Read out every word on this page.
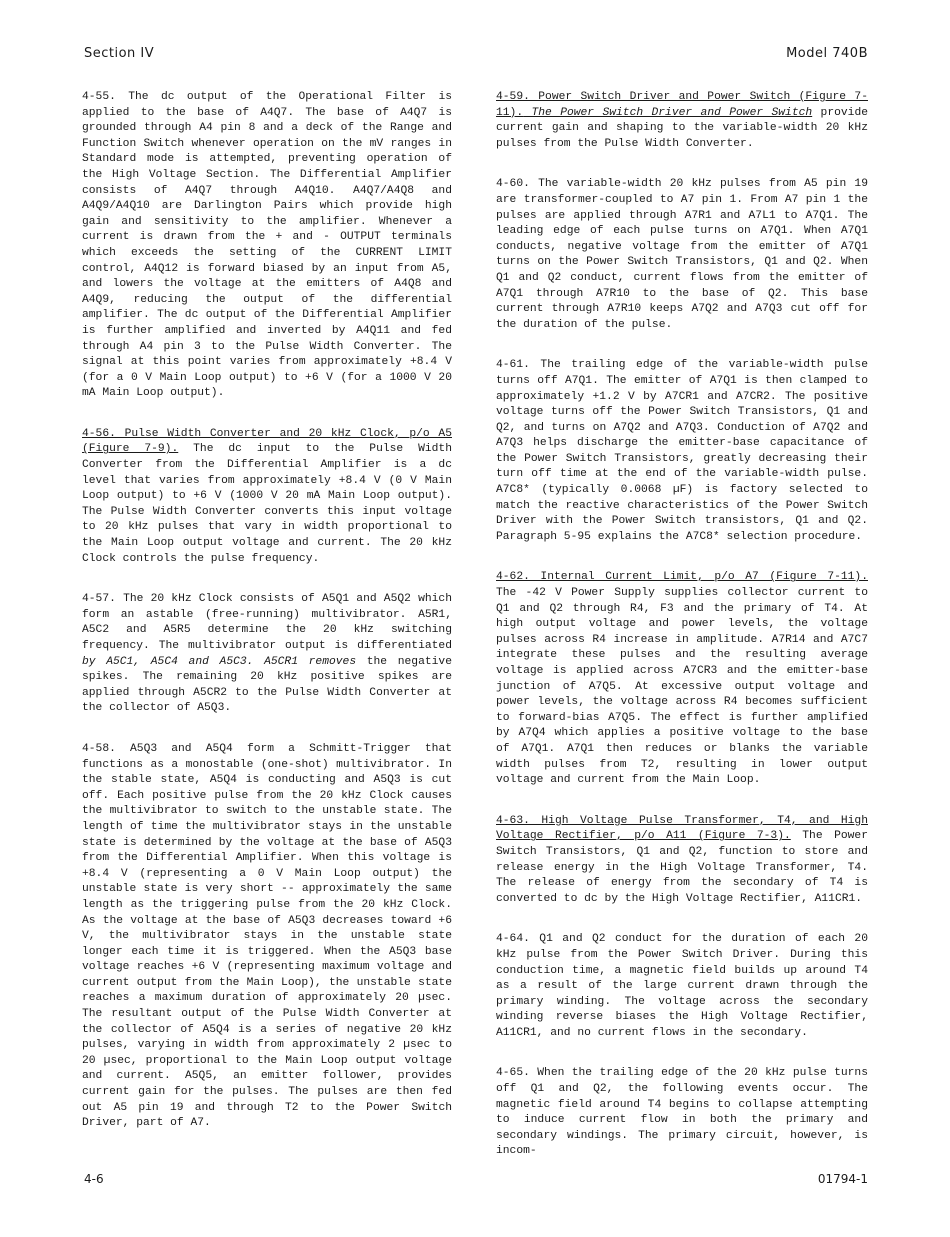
Section IV	Model 740B

4-55. The dc output of the Operational Filter is applied to the base of A4Q7. The base of A4Q7 is grounded through A4 pin 8 and a deck of the Range and Function Switch whenever operation on the mV ranges in Standard mode is attempted, preventing operation of the High Voltage Section. The Differential Amplifier consists of A4Q7 through A4Q10. A4Q7/A4Q8 and A4Q9/A4Q10 are Darlington Pairs which provide high gain and sensitivity to the amplifier. Whenever a current is drawn from the + and - OUTPUT terminals which exceeds the setting of the CURRENT LIMIT control, A4Q12 is forward biased by an input from A5, and lowers the voltage at the emitters of A4Q8 and A4Q9, reducing the output of the differential amplifier. The dc output of the Differential Amplifier is further amplified and inverted by A4Q11 and fed through A4 pin 3 to the Pulse Width Converter. The signal at this point varies from approximately +8.4 V (for a 0 V Main Loop output) to +6 V (for a 1000 V 20 mA Main Loop output).

4-56. Pulse Width Converter and 20 kHz Clock, p/o A5 (Figure 7-9). The dc input to the Pulse Width Converter from the Differential Amplifier is a dc level that varies from approximately +8.4 V (0 V Main Loop output) to +6 V (1000 V 20 mA Main Loop output). The Pulse Width Converter converts this input voltage to 20 kHz pulses that vary in width proportional to the Main Loop output voltage and current. The 20 kHz Clock controls the pulse frequency.

4-57. The 20 kHz Clock consists of A5Q1 and A5Q2 which form an astable (free-running) multivibrator. A5R1, A5C2 and A5R5 determine the 20 kHz switching frequency. The multivibrator output is differentiated by A5C1, A5C4 and A5C3. A5CR1 removes the negative spikes. The remaining 20 kHz positive spikes are applied through A5CR2 to the Pulse Width Converter at the collector of A5Q3.

4-58. A5Q3 and A5Q4 form a Schmitt-Trigger that functions as a monostable (one-shot) multivibrator. In the stable state, A5Q4 is conducting and A5Q3 is cut off. Each positive pulse from the 20 kHz Clock causes the multivibrator to switch to the unstable state. The length of time the multivibrator stays in the unstable state is determined by the voltage at the base of A5Q3 from the Differential Amplifier. When this voltage is +8.4 V (representing a 0 V Main Loop output) the unstable state is very short -- approximately the same length as the triggering pulse from the 20 kHz Clock. As the voltage at the base of A5Q3 decreases toward +6 V, the multivibrator stays in the unstable state longer each time it is triggered. When the A5Q3 base voltage reaches +6 V (representing maximum voltage and current output from the Main Loop), the unstable state reaches a maximum duration of approximately 20 µsec. The resultant output of the Pulse Width Converter at the collector of A5Q4 is a series of negative 20 kHz pulses, varying in width from approximately 2 µsec to 20 µsec, proportional to the Main Loop output voltage and current. A5Q5, an emitter follower, provides current gain for the pulses. The pulses are then fed out A5 pin 19 and through T2 to the Power Switch Driver, part of A7.

4-59. Power Switch Driver and Power Switch (Figure 7-11). The Power Switch Driver and Power Switch provide current gain and shaping to the variable-width 20 kHz pulses from the Pulse Width Converter.

4-60. The variable-width 20 kHz pulses from A5 pin 19 are transformer-coupled to A7 pin 1. From A7 pin 1 the pulses are applied through A7R1 and A7L1 to A7Q1. The leading edge of each pulse turns on A7Q1. When A7Q1 conducts, negative voltage from the emitter of A7Q1 turns on the Power Switch Transistors, Q1 and Q2. When Q1 and Q2 conduct, current flows from the emitter of A7Q1 through A7R10 to the base of Q2. This base current through A7R10 keeps A7Q2 and A7Q3 cut off for the duration of the pulse.

4-61. The trailing edge of the variable-width pulse turns off A7Q1. The emitter of A7Q1 is then clamped to approximately +1.2 V by A7CR1 and A7CR2. The positive voltage turns off the Power Switch Transistors, Q1 and Q2, and turns on A7Q2 and A7Q3. Conduction of A7Q2 and A7Q3 helps discharge the emitter-base capacitance of the Power Switch Transistors, greatly decreasing their turn off time at the end of the variable-width pulse. A7C8* (typically 0.0068 µF) is factory selected to match the reactive characteristics of the Power Switch Driver with the Power Switch transistors, Q1 and Q2. Paragraph 5-95 explains the A7C8* selection procedure.

4-62. Internal Current Limit, p/o A7 (Figure 7-11). The -42 V Power Supply supplies collector current to Q1 and Q2 through R4, F3 and the primary of T4. At high output voltage and power levels, the voltage pulses across R4 increase in amplitude. A7R14 and A7C7 integrate these pulses and the resulting average voltage is applied across A7CR3 and the emitter-base junction of A7Q5. At excessive output voltage and power levels, the voltage across R4 becomes sufficient to forward-bias A7Q5. The effect is further amplified by A7Q4 which applies a positive voltage to the base of A7Q1. A7Q1 then reduces or blanks the variable width pulses from T2, resulting in lower output voltage and current from the Main Loop.

4-63. High Voltage Pulse Transformer, T4, and High Voltage Rectifier, p/o A11 (Figure 7-3). The Power Switch Transistors, Q1 and Q2, function to store and release energy in the High Voltage Transformer, T4. The release of energy from the secondary of T4 is converted to dc by the High Voltage Rectifier, A11CR1.

4-64. Q1 and Q2 conduct for the duration of each 20 kHz pulse from the Power Switch Driver. During this conduction time, a magnetic field builds up around T4 as a result of the large current drawn through the primary winding. The voltage across the secondary winding reverse biases the High Voltage Rectifier, A11CR1, and no current flows in the secondary.

4-65. When the trailing edge of the 20 kHz pulse turns off Q1 and Q2, the following events occur. The magnetic field around T4 begins to collapse attempting to induce current flow in both the primary and secondary windings. The primary circuit, however, is incom-

4-6	01794-1
